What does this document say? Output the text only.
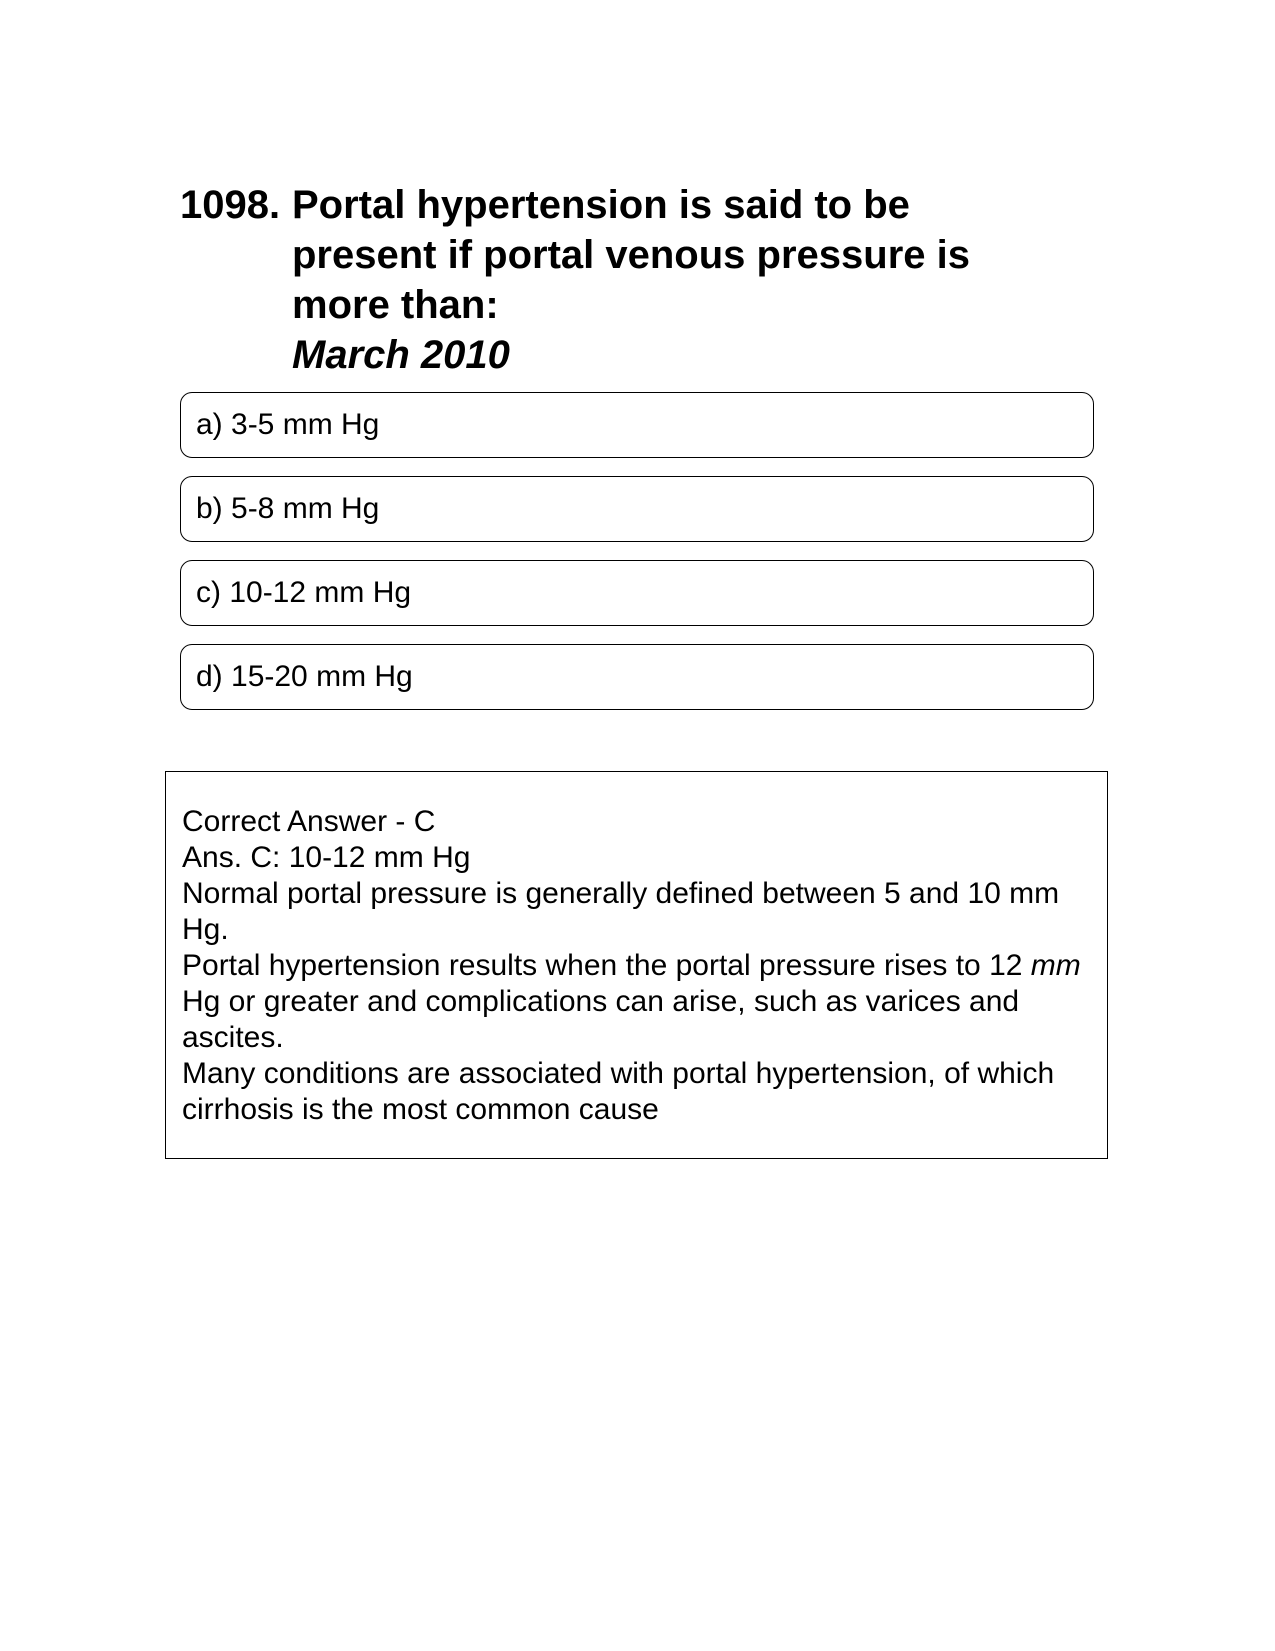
1098. Portal hypertension is said to be present if portal venous pressure is more than:
March 2010
a) 3-5 mm Hg
b) 5-8 mm Hg
c) 10-12 mm Hg
d) 15-20 mm Hg
Correct Answer - C
Ans. C: 10-12 mm Hg
Normal portal pressure is generally defined between 5 and 10 mm Hg.
Portal hypertension results when the portal pressure rises to 12 mm Hg or greater and complications can arise, such as varices and ascites.
Many conditions are associated with portal hypertension, of which cirrhosis is the most common cause
